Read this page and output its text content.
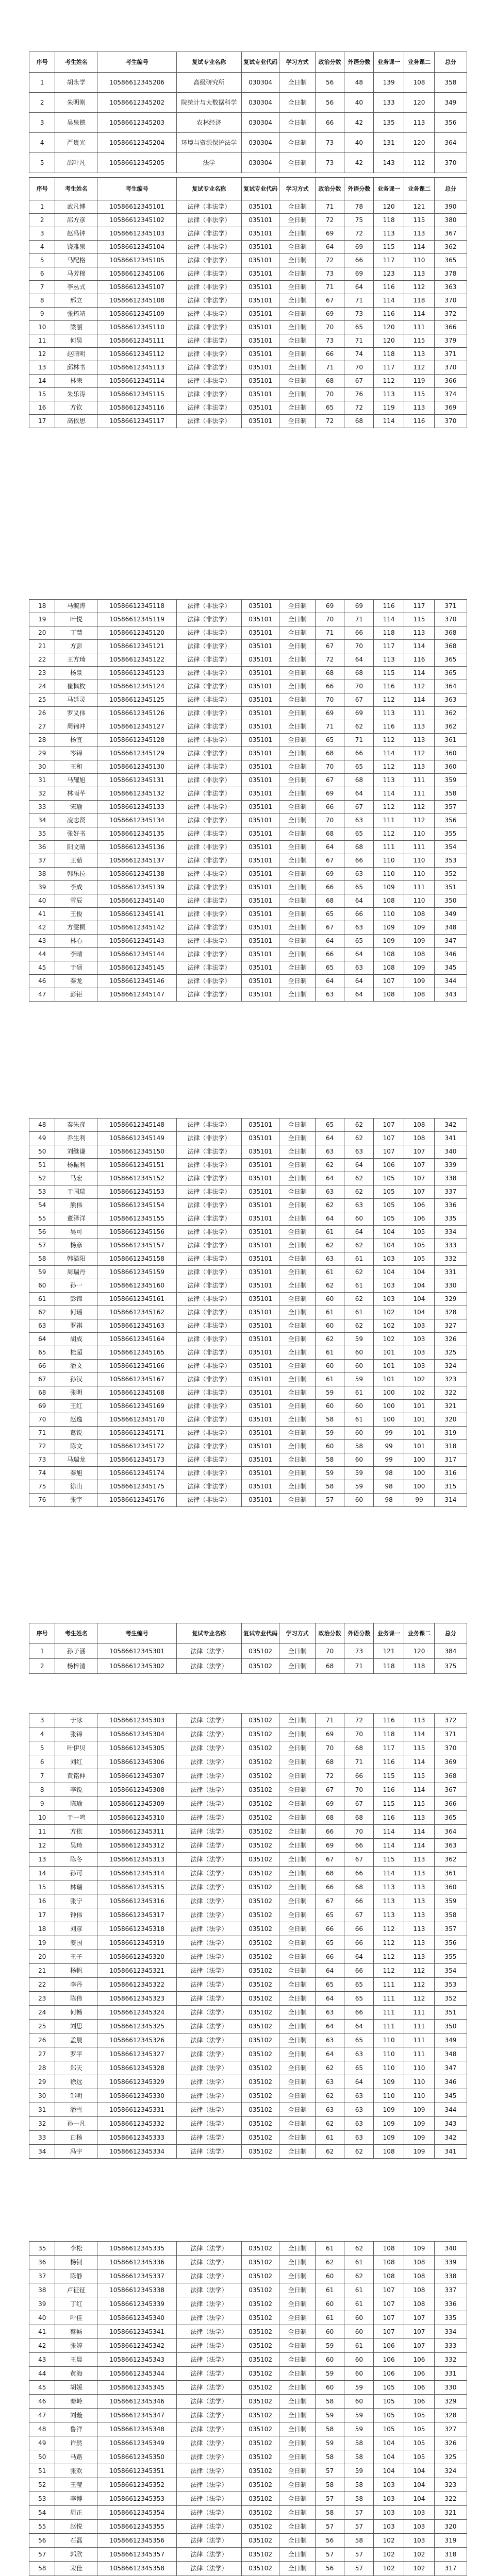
序号	考生姓名	考生编号	复试专业名称	复试专业代码	学习方式	政治分数	外语分数	业务课一	业务课二	总分
1	胡永学	10586612345206	高级研究所	030304	全日制	56	48	139	108	358
2	朱明刚	10586612345202	院统计与大数据科学	030304	全日制	56	40	133	120	349
3	吴泉德	10586612345203	农林经济	030304	全日制	66	42	135	113	356
4	严贵光	10586612345204	环境与资源保护法学	030304	全日制	73	40	131	120	364
5	邵叶凡	10586612345205	法学	030304	全日制	73	42	143	112	370
序号	考生姓名	考生编号	复试专业名称	复试专业代码	学习方式	政治分数	外语分数	业务课一	业务课二	总分
1	武凡博	10586612345101	法律（非法学）	035101	全日制	71	78	120	121	390
2	邵方彦	10586612345102	法律（非法学）	035101	全日制	72	75	118	115	380
3	赵冯钟	10586612345103	法律（非法学）	035101	全日制	69	72	113	113	367
4	饶雅泉	10586612345104	法律（非法学）	035101	全日制	64	69	115	114	362
5	马配格	10586612345105	法律（非法学）	035101	全日制	72	66	117	110	365
6	马芳棉	10586612345106	法律（非法学）	035101	全日制	73	69	123	113	378
7	李丛式	10586612345107	法律（非法学）	035101	全日制	71	64	116	112	363
8	邢立	10586612345108	法律（非法学）	035101	全日制	67	71	114	118	370
9	张筠靖	10586612345109	法律（非法学）	035101	全日制	69	73	116	114	372
10	梁丽	10586612345110	法律（非法学）	035101	全日制	70	65	120	111	366
11	何昊	10586612345111	法律（非法学）	035101	全日制	73	71	120	115	379
12	赵晴明	10586612345112	法律（非法学）	035101	全日制	66	74	118	113	371
13	邱林书	10586612345113	法律（非法学）	035101	全日制	71	70	117	112	370
14	林耒	10586612345114	法律（非法学）	035101	全日制	68	67	112	119	366
15	朱乐涛	10586612345115	法律（非法学）	035101	全日制	70	76	113	115	374
16	方钦	10586612345116	法律（非法学）	035101	全日制	65	72	119	113	369
17	高依思	10586612345117	法律（非法学）	035101	全日制	72	68	114	116	370
18	马毓涛	10586612345118	法律（非法学）	035101	全日制	69	69	116	117	371
19	叶悦	10586612345119	法律（非法学）	035101	全日制	70	71	114	115	370
20	丁慧	10586612345120	法律（非法学）	035101	全日制	71	66	118	113	368
21	方彭	10586612345121	法律（非法学）	035101	全日制	67	70	117	114	368
22	王方琦	10586612345122	法律（非法学）	035101	全日制	72	64	113	116	365
23	杨景	10586612345123	法律（非法学）	035101	全日制	68	68	115	114	365
24	崔枫枚	10586612345124	法律（非法学）	035101	全日制	66	70	116	112	364
25	马延灵	10586612345125	法律（非法学）	035101	全日制	70	67	112	114	363
26	罗义伟	10586612345126	法律（非法学）	035101	全日制	69	69	113	111	362
27	周锦冲	10586612345127	法律（非法学）	035101	全日制	71	62	116	113	362
28	杨宜	10586612345128	法律（非法学）	035101	全日制	65	71	112	113	361
29	岑锦	10586612345129	法律（非法学）	035101	全日制	68	66	114	112	360
30	王和	10586612345130	法律（非法学）	035101	全日制	70	65	112	113	360
31	马耀旭	10586612345131	法律（非法学）	035101	全日制	67	68	113	111	359
32	林雨芊	10586612345132	法律（非法学）	035101	全日制	69	64	114	111	358
33	宋瑜	10586612345133	法律（非法学）	035101	全日制	66	67	112	112	357
34	凌志贤	10586612345134	法律（非法学）	035101	全日制	70	63	111	112	356
35	张好书	10586612345135	法律（非法学）	035101	全日制	68	65	112	110	355
36	阳文晴	10586612345136	法律（非法学）	035101	全日制	64	68	111	111	354
37	王茹	10586612345137	法律（非法学）	035101	全日制	67	66	110	110	353
38	韩乐拉	10586612345138	法律（非法学）	035101	全日制	69	63	110	110	352
39	李成	10586612345139	法律（非法学）	035101	全日制	66	65	109	111	351
40	雪辰	10586612345140	法律（非法学）	035101	全日制	68	64	108	110	350
41	王俊	10586612345141	法律（非法学）	035101	全日制	65	66	110	108	349
42	方雯桐	10586612345142	法律（非法学）	035101	全日制	67	63	109	109	348
43	林心	10586612345143	法律（非法学）	035101	全日制	64	65	109	109	347
44	李晴	10586612345144	法律（非法学）	035101	全日制	66	64	108	108	346
45	于硕	10586612345145	法律（非法学）	035101	全日制	65	63	108	109	345
46	秦龙	10586612345146	法律（非法学）	035101	全日制	64	64	107	109	344
47	彭钜	10586612345147	法律（非法学）	035101	全日制	63	64	108	108	343
48	秦朱彦	10586612345148	法律（非法学）	035101	全日制	65	62	107	108	342
49	乔生利	10586612345149	法律（非法学）	035101	全日制	64	62	107	108	341
50	刘继谦	10586612345150	法律（非法学）	035101	全日制	63	63	107	107	340
51	杨振利	10586612345151	法律（非法学）	035101	全日制	62	64	106	107	339
52	马宏	10586612345152	法律（非法学）	035101	全日制	64	62	105	107	338
53	于国瑞	10586612345153	法律（非法学）	035101	全日制	63	62	105	107	337
54	熊伟	10586612345154	法律（非法学）	035101	全日制	62	63	105	106	336
55	董泽洋	10586612345155	法律（非法学）	035101	全日制	64	60	105	106	335
56	吴可	10586612345156	法律（非法学）	035101	全日制	61	64	104	105	334
57	杨彦	10586612345157	法律（非法学）	035101	全日制	62	62	104	105	333
58	韩溢阳	10586612345158	法律（非法学）	035101	全日制	63	61	103	105	332
59	周瑞丹	10586612345159	法律（非法学）	035101	全日制	61	62	104	104	331
60	孙一	10586612345160	法律（非法学）	035101	全日制	62	61	103	104	330
61	彭锦	10586612345161	法律（非法学）	035101	全日制	60	62	103	104	329
62	何瑶	10586612345162	法律（非法学）	035101	全日制	61	61	102	104	328
63	罗祺	10586612345163	法律（非法学）	035101	全日制	60	62	102	103	327
64	胡成	10586612345164	法律（非法学）	035101	全日制	62	59	102	103	326
65	桂超	10586612345165	法律（非法学）	035101	全日制	61	60	101	103	325
66	潘文	10586612345166	法律（非法学）	035101	全日制	60	60	101	103	324
67	孙汉	10586612345167	法律（非法学）	035101	全日制	61	59	101	102	323
68	张明	10586612345168	法律（非法学）	035101	全日制	59	61	100	102	322
69	王红	10586612345169	法律（非法学）	035101	全日制	60	60	100	101	321
70	赵逸	10586612345170	法律（非法学）	035101	全日制	58	61	100	101	320
71	葛锐	10586612345171	法律（非法学）	035101	全日制	59	60	99	101	319
72	陈文	10586612345172	法律（非法学）	035101	全日制	60	58	99	101	318
73	马瑞龙	10586612345173	法律（非法学）	035101	全日制	58	60	99	100	317
74	秦旭	10586612345174	法律（非法学）	035101	全日制	59	59	98	100	316
75	徐山	10586612345175	法律（非法学）	035101	全日制	58	59	98	100	315
76	张宇	10586612345176	法律（非法学）	035101	全日制	57	60	98	99	314
序号	考生姓名	考生编号	复试专业名称	复试专业代码	学习方式	政治分数	外语分数	业务课一	业务课二	总分
1	孙子涵	10586612345301	法律（法学）	035102	全日制	70	73	121	120	384
2	杨梓清	10586612345302	法律（法学）	035102	全日制	68	71	118	118	375
3	于冰	10586612345303	法律（法学）	035102	全日制	71	72	116	113	372
4	张锦	10586612345304	法律（法学）	035102	全日制	69	70	118	114	371
5	叶伊贝	10586612345305	法律（法学）	035102	全日制	70	68	117	115	370
6	刘红	10586612345306	法律（法学）	035102	全日制	68	71	116	114	369
7	黄铭伸	10586612345307	法律（法学）	035102	全日制	72	66	115	115	368
8	李锐	10586612345308	法律（法学）	035102	全日制	67	70	116	114	367
9	陈瑜	10586612345309	法律（法学）	035102	全日制	69	67	115	115	366
10	于一鸣	10586612345310	法律（法学）	035102	全日制	68	68	116	113	365
11	方依	10586612345311	法律（法学）	035102	全日制	66	70	114	114	364
12	吴琦	10586612345312	法律（法学）	035102	全日制	69	66	114	114	363
13	陈冬	10586612345313	法律（法学）	035102	全日制	67	67	115	113	362
14	孙可	10586612345314	法律（法学）	035102	全日制	68	66	114	113	361
15	林瑞	10586612345315	法律（法学）	035102	全日制	66	68	113	113	360
16	张宁	10586612345316	法律（法学）	035102	全日制	67	66	113	113	359
17	钟伟	10586612345317	法律（法学）	035102	全日制	65	67	113	113	358
18	刘彦	10586612345318	法律（法学）	035102	全日制	66	66	112	113	357
19	姜国	10586612345319	法律（法学）	035102	全日制	65	66	112	113	356
20	王子	10586612345320	法律（法学）	035102	全日制	66	64	112	113	355
21	杨帆	10586612345321	法律（法学）	035102	全日制	64	66	112	112	354
22	李丹	10586612345322	法律（法学）	035102	全日制	65	65	111	112	353
23	陈伟	10586612345323	法律（法学）	035102	全日制	64	65	111	112	352
24	何畅	10586612345324	法律（法学）	035102	全日制	63	66	111	111	351
25	刘思	10586612345325	法律（法学）	035102	全日制	64	64	111	111	350
26	孟晨	10586612345326	法律（法学）	035102	全日制	63	65	110	111	349
27	罗平	10586612345327	法律（法学）	035102	全日制	64	63	110	111	348
28	郑天	10586612345328	法律（法学）	035102	全日制	62	65	110	110	347
29	徐远	10586612345329	法律（法学）	035102	全日制	63	64	109	110	346
30	邹明	10586612345330	法律（法学）	035102	全日制	62	63	110	110	345
31	潘雪	10586612345331	法律（法学）	035102	全日制	63	63	109	109	344
32	孙一凡	10586612345332	法律（法学）	035102	全日制	62	63	109	109	343
33	白杨	10586612345333	法律（法学）	035102	全日制	61	63	109	109	342
34	冯宇	10586612345334	法律（法学）	035102	全日制	62	62	108	109	341
35	李松	10586612345335	法律（法学）	035102	全日制	61	62	108	109	340
36	杨钊	10586612345336	法律（法学）	035102	全日制	62	61	108	108	339
37	陈静	10586612345337	法律（法学）	035102	全日制	60	62	108	108	338
38	卢征征	10586612345338	法律（法学）	035102	全日制	61	61	107	108	337
39	丁红	10586612345339	法律（法学）	035102	全日制	60	61	107	108	336
40	叶佳	10586612345340	法律（法学）	035102	全日制	61	60	107	107	335
41	蔡畅	10586612345341	法律（法学）	035102	全日制	60	60	107	107	334
42	张婷	10586612345342	法律（法学）	035102	全日制	59	61	106	107	333
43	王晨	10586612345343	法律（法学）	035102	全日制	60	60	106	106	332
44	黄海	10586612345344	法律（法学）	035102	全日制	59	60	106	106	331
45	胡媛	10586612345345	法律（法学）	035102	全日制	60	59	105	106	330
46	秦岭	10586612345346	法律（法学）	035102	全日制	58	60	105	106	329
47	刘璇	10586612345347	法律（法学）	035102	全日制	59	59	105	105	328
48	鲁洋	10586612345348	法律（法学）	035102	全日制	58	59	105	105	327
49	许然	10586612345349	法律（法学）	035102	全日制	59	58	104	105	326
50	马路	10586612345350	法律（法学）	035102	全日制	58	58	104	105	325
51	张欢	10586612345351	法律（法学）	035102	全日制	57	59	104	104	324
52	王莹	10586612345352	法律（法学）	035102	全日制	58	58	103	104	323
53	李博	10586612345353	法律（法学）	035102	全日制	57	58	103	104	322
54	周正	10586612345354	法律（法学）	035102	全日制	58	57	103	103	321
55	赵悦	10586612345355	法律（法学）	035102	全日制	57	57	103	103	320
56	石磊	10586612345356	法律（法学）	035102	全日制	56	58	102	103	319
57	郭欣	10586612345357	法律（法学）	035102	全日制	57	57	102	102	318
58	宋佳	10586612345358	法律（法学）	035102	全日制	56	57	102	102	317
